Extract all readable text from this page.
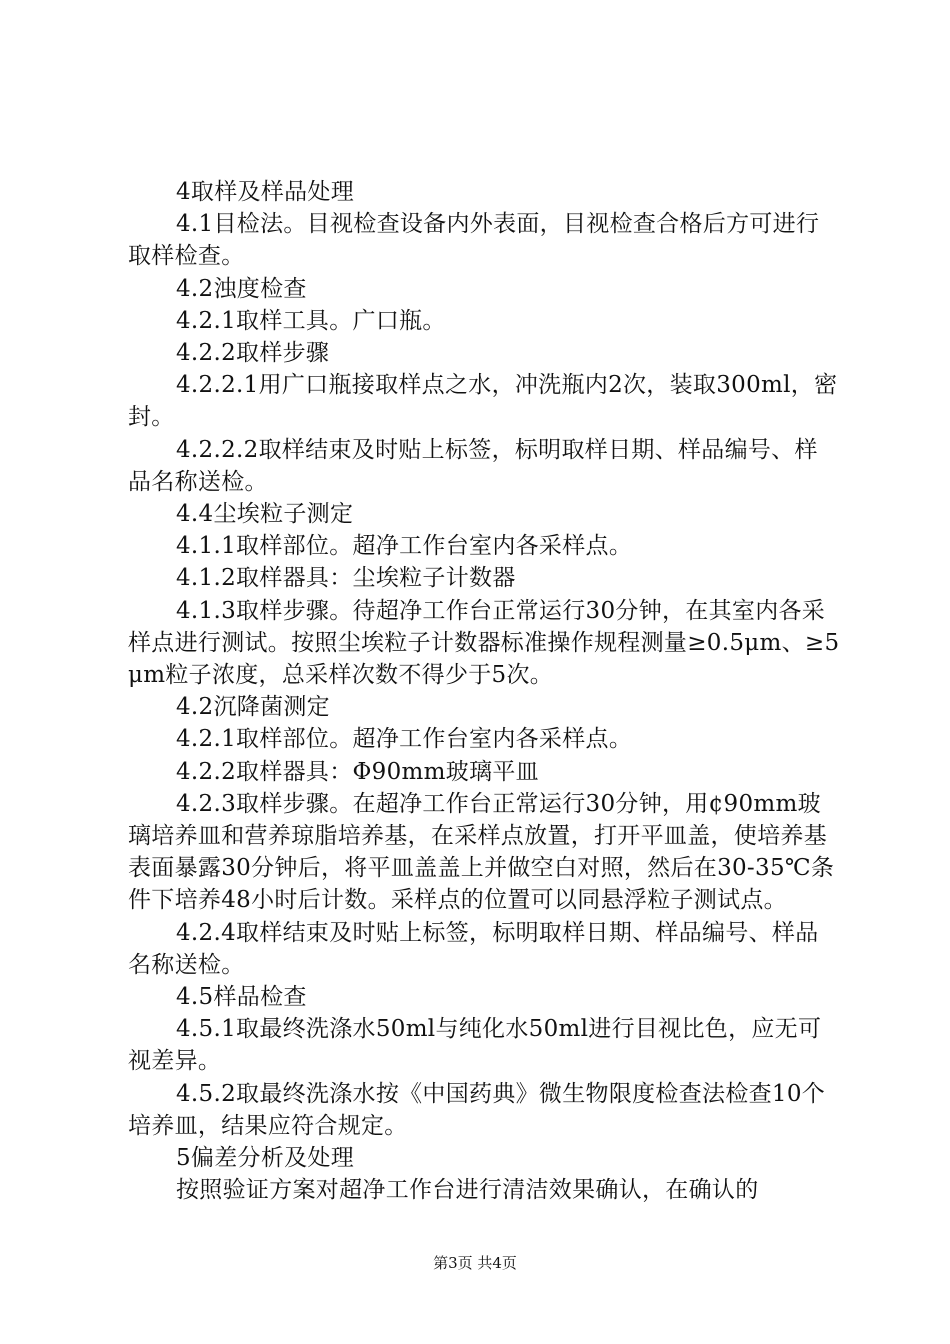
4取样及样品处理

4.1目检法。目视检查设备内外表面，目视检查合格后方可进行取样检查。

4.2浊度检查

4.2.1取样工具。广口瓶。

4.2.2取样步骤

4.2.2.1用广口瓶接取样点之水，冲洗瓶内2次，装取300ml，密封。

4.2.2.2取样结束及时贴上标签，标明取样日期、样品编号、样品名称送检。

4.4尘埃粒子测定

4.1.1取样部位。超净工作台室内各采样点。

4.1.2取样器具：尘埃粒子计数器

4.1.3取样步骤。待超净工作台正常运行30分钟，在其室内各采样点进行测试。按照尘埃粒子计数器标准操作规程测量≥0.5μm、≥5μm粒子浓度，总采样次数不得少于5次。

4.2沉降菌测定

4.2.1取样部位。超净工作台室内各采样点。

4.2.2取样器具：Φ90mm玻璃平皿

4.2.3取样步骤。在超净工作台正常运行30分钟，用¢90mm玻璃培养皿和营养琼脂培养基，在采样点放置，打开平皿盖，使培养基表面暴露30分钟后，将平皿盖盖上并做空白对照，然后在30-35℃条件下培养48小时后计数。采样点的位置可以同悬浮粒子测试点。

4.2.4取样结束及时贴上标签，标明取样日期、样品编号、样品名称送检。

4.5样品检查

4.5.1取最终洗涤水50ml与纯化水50ml进行目视比色，应无可视差异。

4.5.2取最终洗涤水按《中国药典》微生物限度检查法检查10个培养皿，结果应符合规定。

5偏差分析及处理

按照验证方案对超净工作台进行清洁效果确认，在确认的

第3页 共4页
